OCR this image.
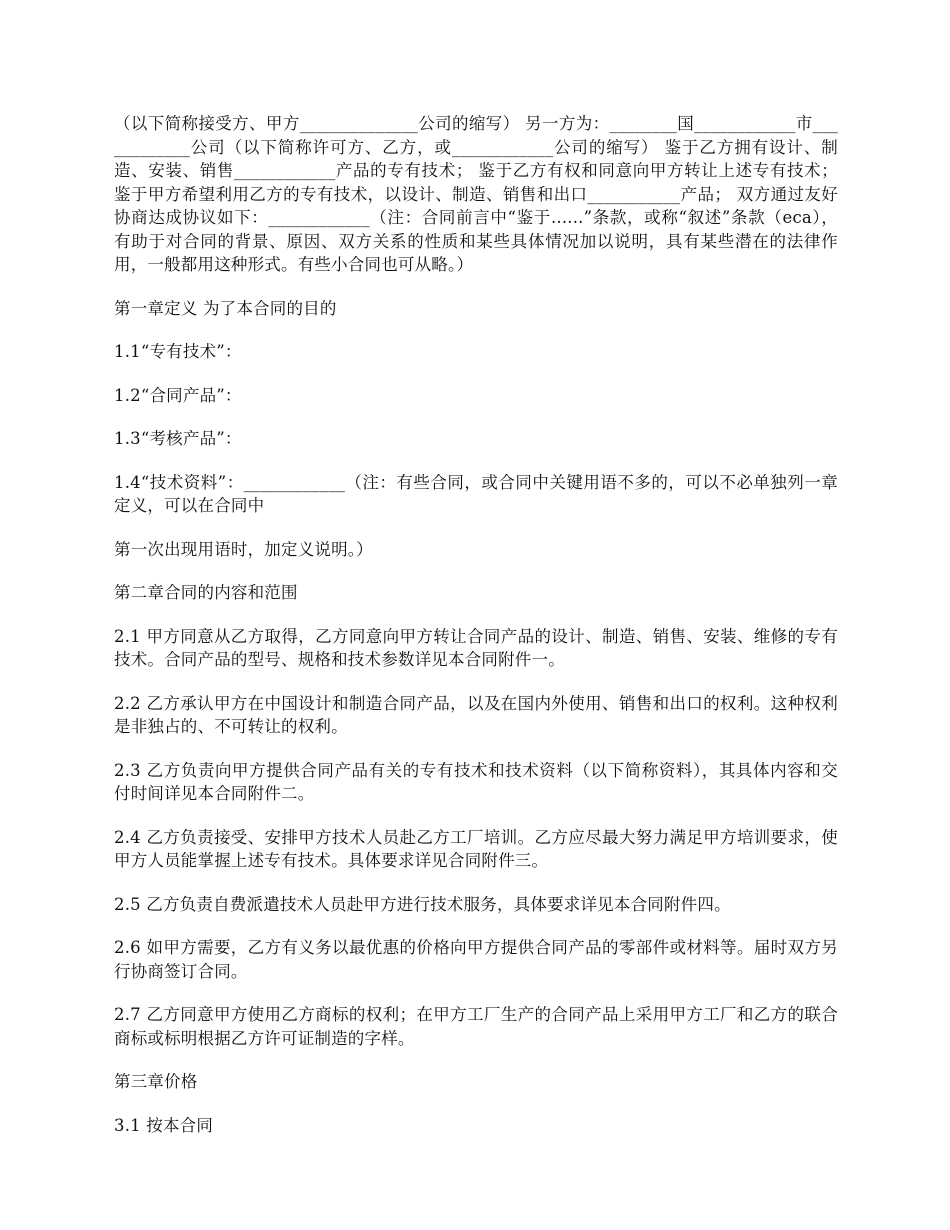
（以下简称接受方、甲方______________公司的缩写） 另一方为：________国____________市____________公司（以下简称许可方、乙方，或____________公司的缩写） 鉴于乙方拥有设计、制造、安装、销售____________产品的专有技术； 鉴于乙方有权和同意向甲方转让上述专有技术； 鉴于甲方希望利用乙方的专有技术，以设计、制造、销售和出口___________产品； 双方通过友好协商达成协议如下：____________（注：合同前言中“鉴于......”条款，或称“叙述”条款（eca），有助于对合同的背景、原因、双方关系的性质和某些具体情况加以说明，具有某些潜在的法律作用，一般都用这种形式。有些小合同也可从略。）

第一章定义 为了本合同的目的

1.1“专有技术”：

1.2“合同产品”：

1.3“考核产品”：

1.4“技术资料”：____________（注：有些合同，或合同中关键用语不多的，可以不必单独列一章定义，可以在合同中

第一次出现用语时，加定义说明。）

第二章合同的内容和范围

2.1 甲方同意从乙方取得，乙方同意向甲方转让合同产品的设计、制造、销售、安装、维修的专有技术。合同产品的型号、规格和技术参数详见本合同附件一。

2.2 乙方承认甲方在中国设计和制造合同产品，以及在国内外使用、销售和出口的权利。这种权利是非独占的、不可转让的权利。

2.3 乙方负责向甲方提供合同产品有关的专有技术和技术资料（以下简称资料），其具体内容和交付时间详见本合同附件二。

2.4 乙方负责接受、安排甲方技术人员赴乙方工厂培训。乙方应尽最大努力满足甲方培训要求，使甲方人员能掌握上述专有技术。具体要求详见合同附件三。

2.5 乙方负责自费派遣技术人员赴甲方进行技术服务，具体要求详见本合同附件四。

2.6 如甲方需要，乙方有义务以最优惠的价格向甲方提供合同产品的零部件或材料等。届时双方另行协商签订合同。

2.7 乙方同意甲方使用乙方商标的权利；在甲方工厂生产的合同产品上采用甲方工厂和乙方的联合商标或标明根据乙方许可证制造的字样。

第三章价格

3.1 按本合同
